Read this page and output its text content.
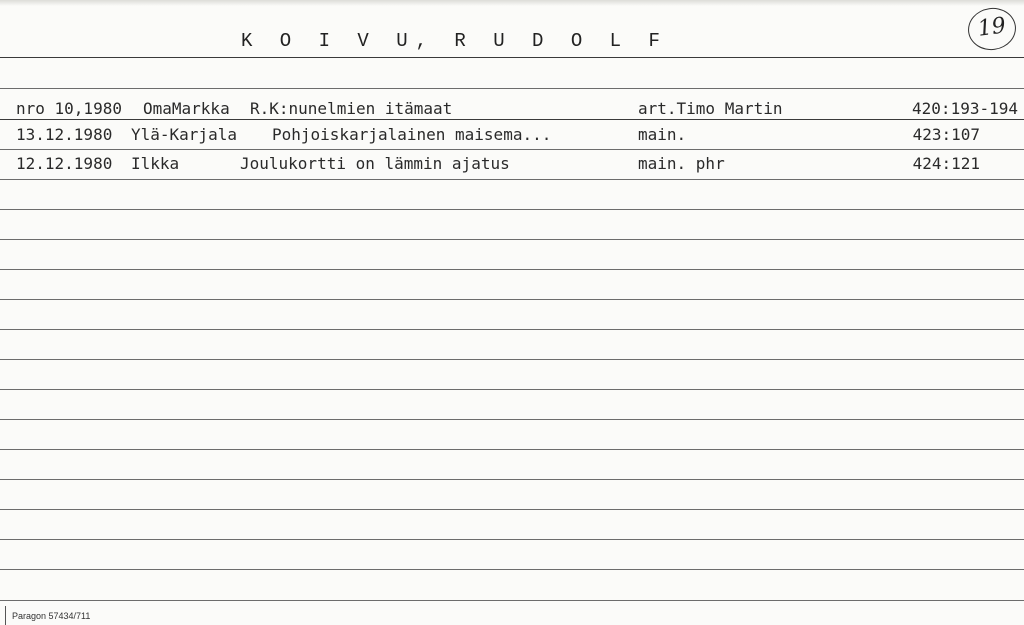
K O I V U, R U D O L F	19
nro 10,1980 OmaMarkka R.K:nunelmien itämaat	art.Timo Martin	420:193-194
13.12.1980 Ylä-Karjala Pohjoiskarjalainen maisema...	main.	423:107
12.12.1980 Ilkka	Joulukortti on lämmin ajatus	main. phr	424:121
Paragon 57434/711
